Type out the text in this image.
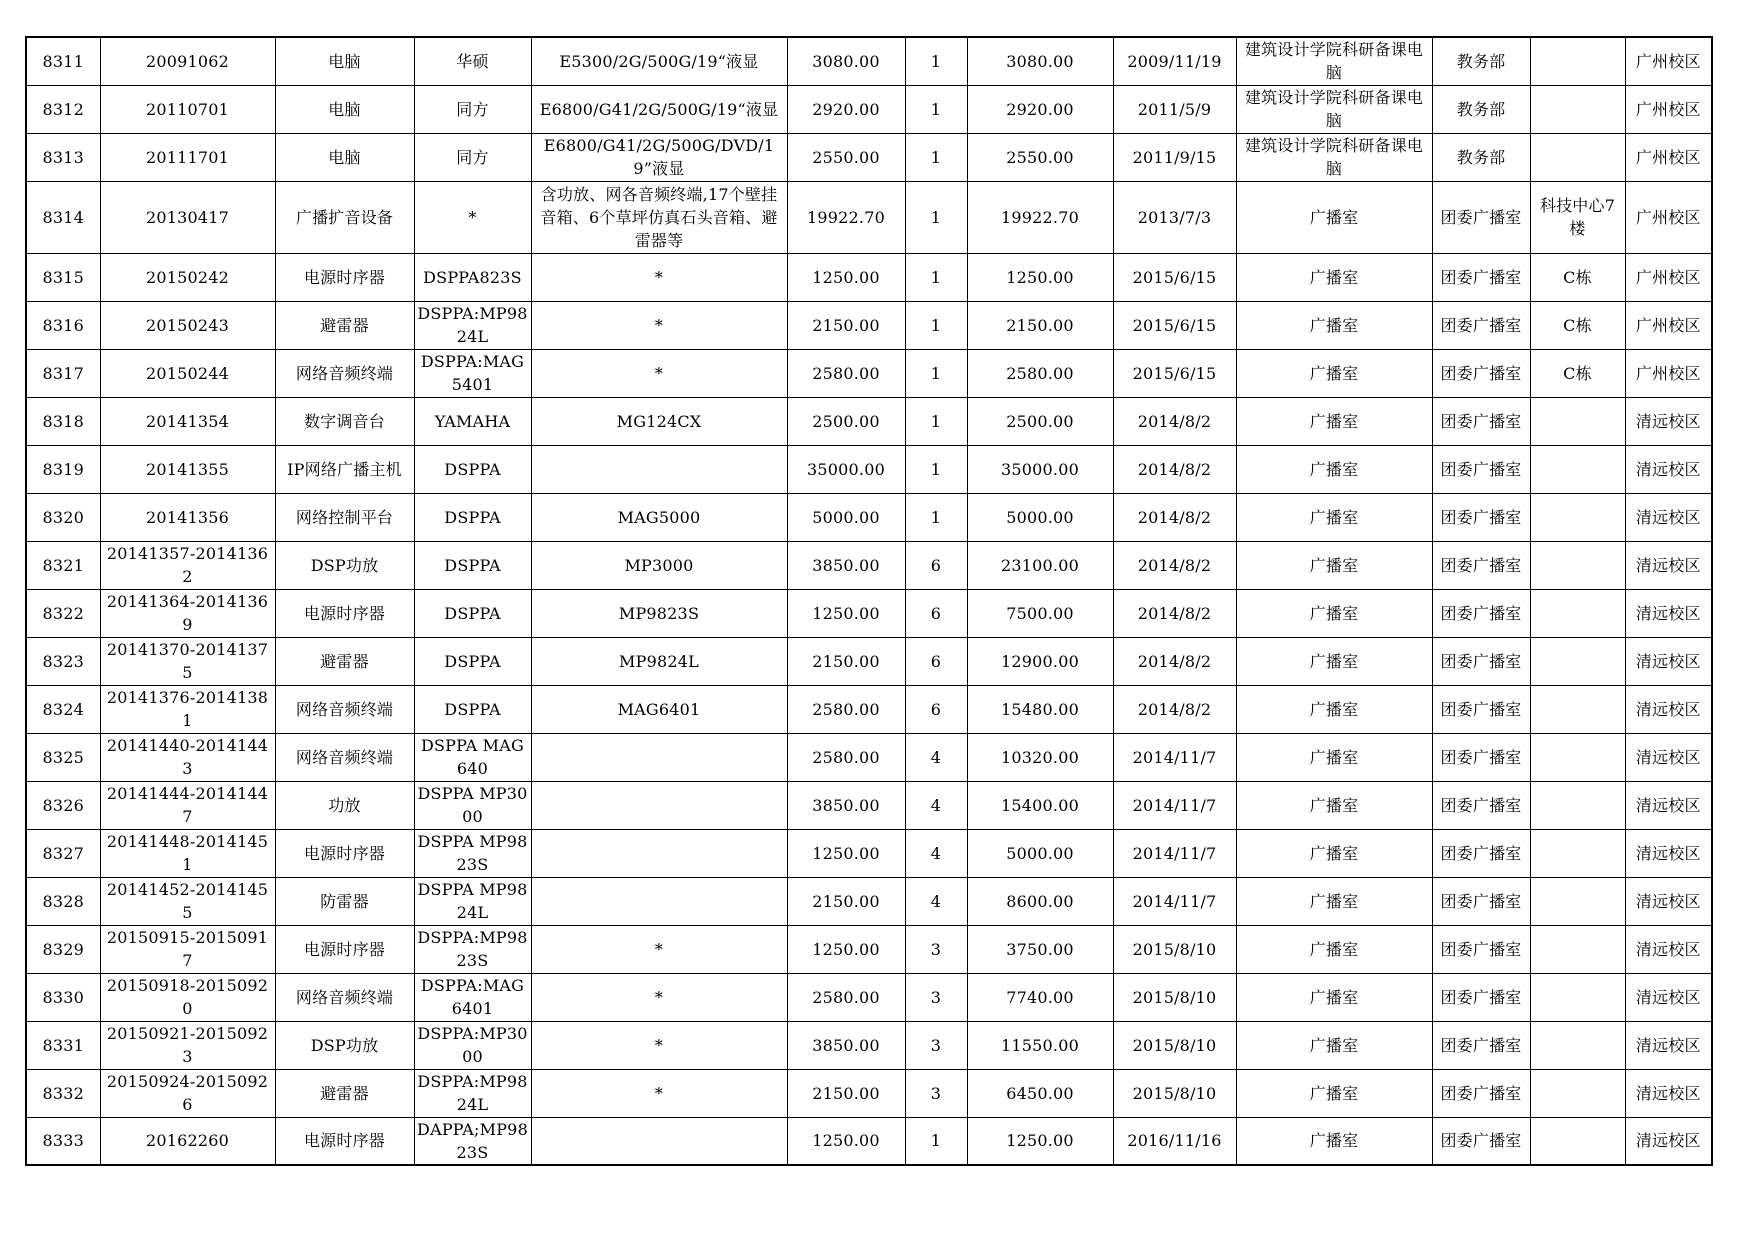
8311	20091062	电脑	华硕	E5300/2G/500G/19“液显	3080.00	1	3080.00	2009/11/19	建筑设计学院科研备课电脑	教务部		广州校区
8312	20110701	电脑	同方	E6800/G41/2G/500G/19“液显	2920.00	1	2920.00	2011/5/9	建筑设计学院科研备课电脑	教务部		广州校区
8313	20111701	电脑	同方	E6800/G41/2G/500G/DVD/19”液显	2550.00	1	2550.00	2011/9/15	建筑设计学院科研备课电脑	教务部		广州校区
8314	20130417	广播扩音设备	*	含功放、网各音频终端,17个壁挂音箱、6个草坪仿真石头音箱、避雷器等	19922.70	1	19922.70	2013/7/3	广播室	团委广播室	科技中心7楼	广州校区
8315	20150242	电源时序器	DSPPA823S	*	1250.00	1	1250.00	2015/6/15	广播室	团委广播室	C栋	广州校区
8316	20150243	避雷器	DSPPA:MP9824L	*	2150.00	1	2150.00	2015/6/15	广播室	团委广播室	C栋	广州校区
8317	20150244	网络音频终端	DSPPA:MAG5401	*	2580.00	1	2580.00	2015/6/15	广播室	团委广播室	C栋	广州校区
8318	20141354	数字调音台	YAMAHA	MG124CX	2500.00	1	2500.00	2014/8/2	广播室	团委广播室		清远校区
8319	20141355	IP网络广播主机	DSPPA		35000.00	1	35000.00	2014/8/2	广播室	团委广播室		清远校区
8320	20141356	网络控制平台	DSPPA	MAG5000	5000.00	1	5000.00	2014/8/2	广播室	团委广播室		清远校区
8321	20141357-20141362	DSP功放	DSPPA	MP3000	3850.00	6	23100.00	2014/8/2	广播室	团委广播室		清远校区
8322	20141364-20141369	电源时序器	DSPPA	MP9823S	1250.00	6	7500.00	2014/8/2	广播室	团委广播室		清远校区
8323	20141370-20141375	避雷器	DSPPA	MP9824L	2150.00	6	12900.00	2014/8/2	广播室	团委广播室		清远校区
8324	20141376-20141381	网络音频终端	DSPPA	MAG6401	2580.00	6	15480.00	2014/8/2	广播室	团委广播室		清远校区
8325	20141440-20141443	网络音频终端	DSPPA MAG640		2580.00	4	10320.00	2014/11/7	广播室	团委广播室		清远校区
8326	20141444-20141447	功放	DSPPA MP3000		3850.00	4	15400.00	2014/11/7	广播室	团委广播室		清远校区
8327	20141448-20141451	电源时序器	DSPPA MP9823S		1250.00	4	5000.00	2014/11/7	广播室	团委广播室		清远校区
8328	20141452-20141455	防雷器	DSPPA MP9824L		2150.00	4	8600.00	2014/11/7	广播室	团委广播室		清远校区
8329	20150915-20150917	电源时序器	DSPPA:MP9823S	*	1250.00	3	3750.00	2015/8/10	广播室	团委广播室		清远校区
8330	20150918-20150920	网络音频终端	DSPPA:MAG6401	*	2580.00	3	7740.00	2015/8/10	广播室	团委广播室		清远校区
8331	20150921-20150923	DSP功放	DSPPA:MP3000	*	3850.00	3	11550.00	2015/8/10	广播室	团委广播室		清远校区
8332	20150924-20150926	避雷器	DSPPA:MP9824L	*	2150.00	3	6450.00	2015/8/10	广播室	团委广播室		清远校区
8333	20162260	电源时序器	DAPPA;MP9823S		1250.00	1	1250.00	2016/11/16	广播室	团委广播室		清远校区
